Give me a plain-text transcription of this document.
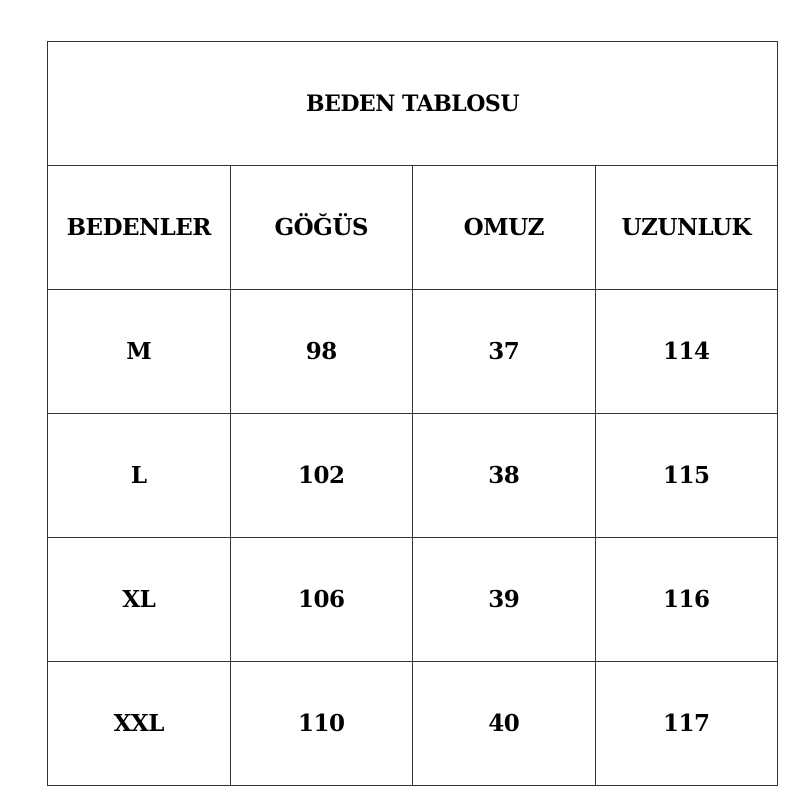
BEDEN TABLOSU			
BEDENLER	GÖĞÜS	OMUZ	UZUNLUK
M	98	37	114
L	102	38	115
XL	106	39	116
XXL	110	40	117
